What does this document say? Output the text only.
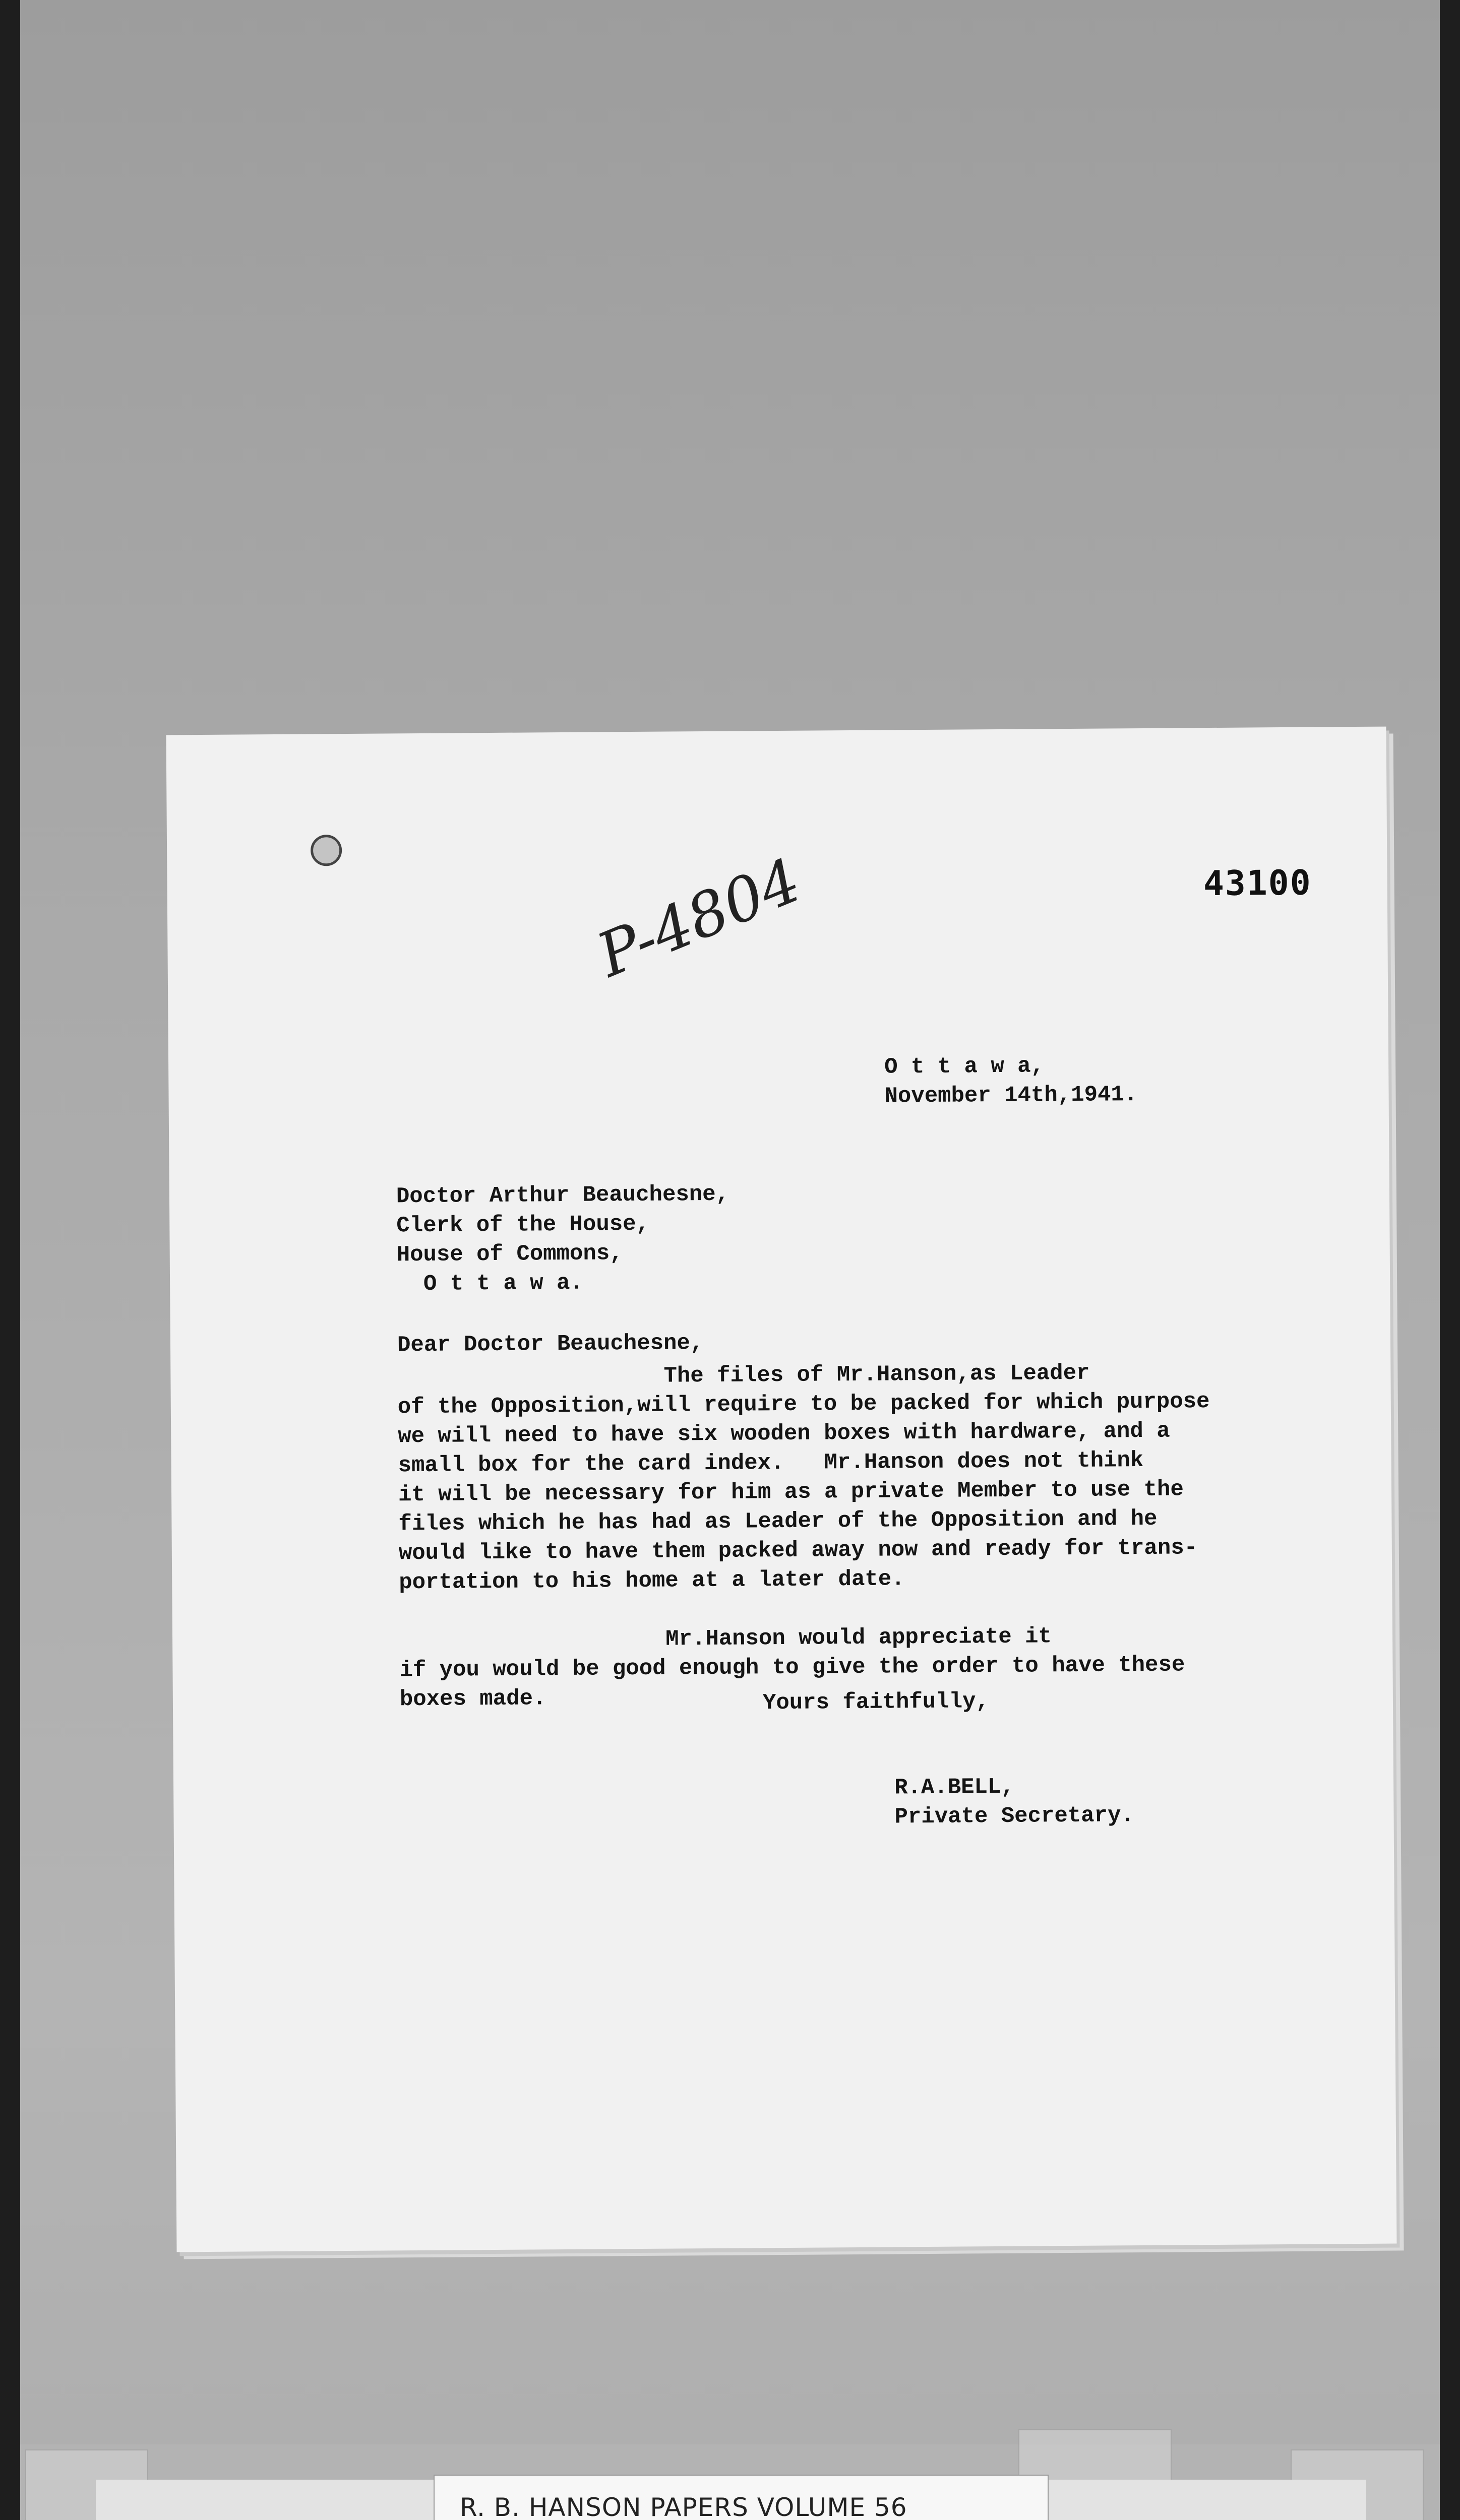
43100
P-4804
O t t a w a,
November 14th,1941.
Doctor Arthur Beauchesne,
Clerk of the House,
House of Commons,
O t t a w a.
Dear Doctor Beauchesne,
The files of Mr.Hanson,as Leader
of the Opposition,will require to be packed for which purpose
we will need to have six wooden boxes with hardware, and a
small box for the card index.   Mr.Hanson does not think
it will be necessary for him as a private Member to use the
files which he has had as Leader of the Opposition and he
would like to have them packed away now and ready for trans-
portation to his home at a later date.
Mr.Hanson would appreciate it
if you would be good enough to give the order to have these
boxes made.	Yours faithfully,
R.A.BELL,
Private Secretary.
R. B. HANSON PAPERS VOLUME 56
